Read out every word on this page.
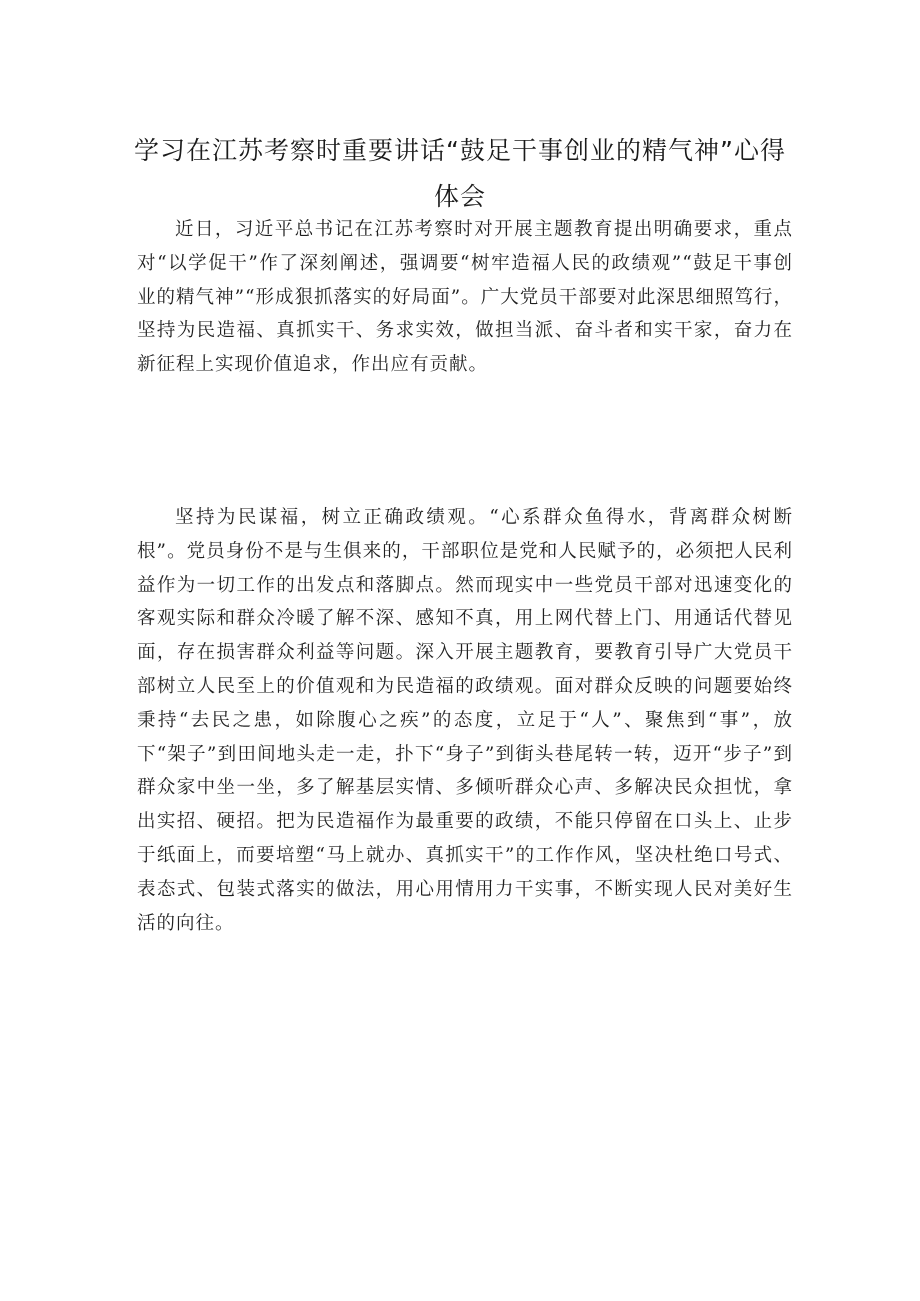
学习在江苏考察时重要讲话“鼓足干事创业的精气神”心得体会

近日，习近平总书记在江苏考察时对开展主题教育提出明确要求，重点对“以学促干”作了深刻阐述，强调要“树牢造福人民的政绩观”“鼓足干事创业的精气神”“形成狠抓落实的好局面”。广大党员干部要对此深思细照笃行，坚持为民造福、真抓实干、务求实效，做担当派、奋斗者和实干家，奋力在新征程上实现价值追求，作出应有贡献。

坚持为民谋福，树立正确政绩观。“心系群众鱼得水，背离群众树断根”。党员身份不是与生俱来的，干部职位是党和人民赋予的，必须把人民利益作为一切工作的出发点和落脚点。然而现实中一些党员干部对迅速变化的客观实际和群众冷暖了解不深、感知不真，用上网代替上门、用通话代替见面，存在损害群众利益等问题。深入开展主题教育，要教育引导广大党员干部树立人民至上的价值观和为民造福的政绩观。面对群众反映的问题要始终秉持“去民之患，如除腹心之疾”的态度，立足于“人”、聚焦到“事”，放下“架子”到田间地头走一走，扑下“身子”到街头巷尾转一转，迈开“步子”到群众家中坐一坐，多了解基层实情、多倾听群众心声、多解决民众担忧，拿出实招、硬招。把为民造福作为最重要的政绩，不能只停留在口头上、止步于纸面上，而要培塑“马上就办、真抓实干”的工作作风，坚决杜绝口号式、表态式、包装式落实的做法，用心用情用力干实事，不断实现人民对美好生活的向往。
